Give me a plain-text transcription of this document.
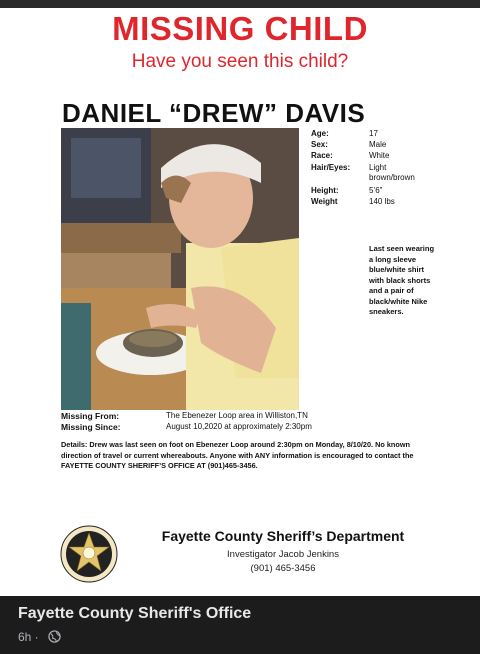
MISSING CHILD
Have you seen this child?
DANIEL “DREW” DAVIS
Age:	17
Sex:	Male
Race:	White
Hair/Eyes: Light brown/brown
Height:	5’6”
Weight	140 lbs
Last seen wearing a long sleeve blue/white shirt with black shorts and a pair of black/white Nike sneakers.
Missing From:	The Ebenezer Loop area in Williston,TN
Missing Since:	August 10,2020 at approximately 2:30pm
Details: Drew was last seen on foot on Ebenezer Loop around 2:30pm on Monday, 8/10/20. No known direction of travel or current whereabouts. Anyone with ANY information is encouraged to contact the FAYETTE COUNTY SHERIFF’S OFFICE AT (901)465-3456.
Fayette County Sheriff’s Department
Investigator Jacob Jenkins
(901) 465-3456
Fayette County Sheriff's Office
6h ·
